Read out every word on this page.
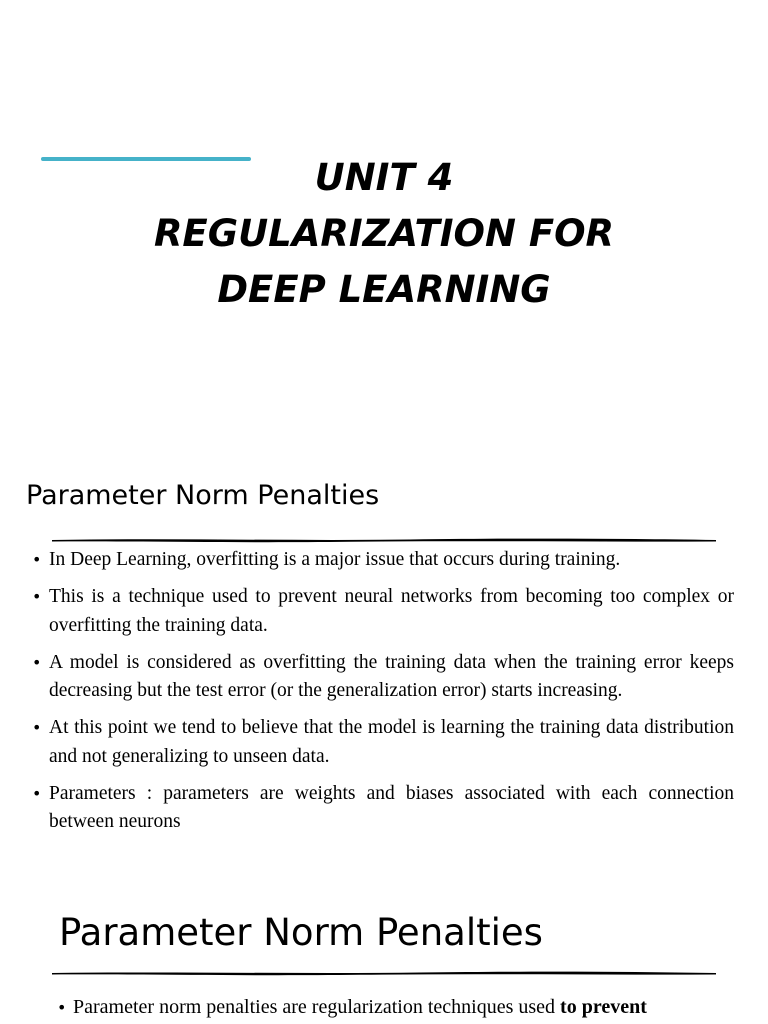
UNIT 4
REGULARIZATION FOR
DEEP LEARNING
Parameter Norm Penalties
• In Deep Learning, overfitting is a major issue that occurs during training.
• This is a technique used to prevent neural networks from becoming too complex or overfitting the training data.
• A model is considered as overfitting the training data when the training error keeps decreasing but the test error (or the generalization error) starts increasing.
• At this point we tend to believe that the model is learning the training data distribution and not generalizing to unseen data.
• Parameters : parameters are weights and biases associated with each connection between neurons
Parameter Norm Penalties
• Parameter norm penalties are regularization techniques used to prevent
